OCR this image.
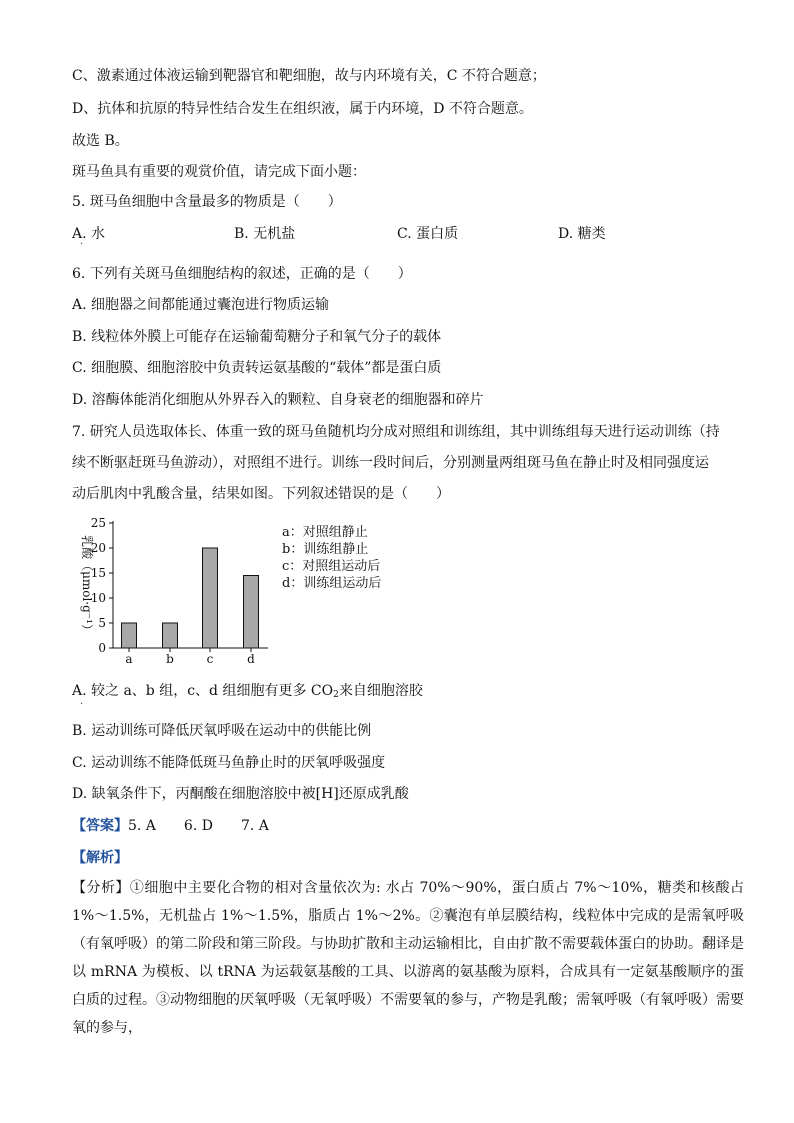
C、激素通过体液运输到靶器官和靶细胞，故与内环境有关，C 不符合题意；
D、抗体和抗原的特异性结合发生在组织液，属于内环境，D 不符合题意。
故选 B。
斑马鱼具有重要的观赏价值，请完成下面小题：
5. 斑马鱼细胞中含量最多的物质是（　　）
A. 水	B. 无机盐	C. 蛋白质	D. 糖类
·
6. 下列有关斑马鱼细胞结构的叙述，正确的是（　　）
A. 细胞器之间都能通过囊泡进行物质运输
B. 线粒体外膜上可能存在运输葡萄糖分子和氧气分子的载体
C. 细胞膜、细胞溶胶中负责转运氨基酸的“载体”都是蛋白质
D. 溶酶体能消化细胞从外界吞入的颗粒、自身衰老的细胞器和碎片
7. 研究人员选取体长、体重一致的斑马鱼随机均分成对照组和训练组，其中训练组每天进行运动训练（持
续不断驱赶斑马鱼游动），对照组不进行。训练一段时间后，分别测量两组斑马鱼在静止时及相同强度运
动后肌肉中乳酸含量，结果如图。下列叙述错误的是（　　）
0
5
10
15
20
25
a	b	c	d
乳酸（μmol·g⁻¹）
a：对照组静止
b：训练组静止
c：对照组运动后
d：训练组运动后
A. 较之 a、b 组，c、d 组细胞有更多 $CO_2$来自细胞溶胶
·
B. 运动训练可降低厌氧呼吸在运动中的供能比例
C. 运动训练不能降低斑马鱼静止时的厌氧呼吸强度
D. 缺氧条件下，丙酮酸在细胞溶胶中被[H]还原成乳酸
【答案】5. A　　6. D　　7. A
【解析】
【分析】①细胞中主要化合物的相对含量依次为: 水占 70%～90%，蛋白质占 7%～10%，糖类和核酸占 1%～1.5%，无机盐占 1%～1.5%，脂质占 1%～2%。②囊泡有单层膜结构，线粒体中完成的是需氧呼吸（有氧呼吸）的第二阶段和第三阶段。与协助扩散和主动运输相比，自由扩散不需要载体蛋白的协助。翻译是以 mRNA 为模板、以 tRNA 为运载氨基酸的工具、以游离的氨基酸为原料，合成具有一定氨基酸顺序的蛋白质的过程。③动物细胞的厌氧呼吸（无氧呼吸）不需要氧的参与，产物是乳酸；需氧呼吸（有氧呼吸）需要氧的参与，
